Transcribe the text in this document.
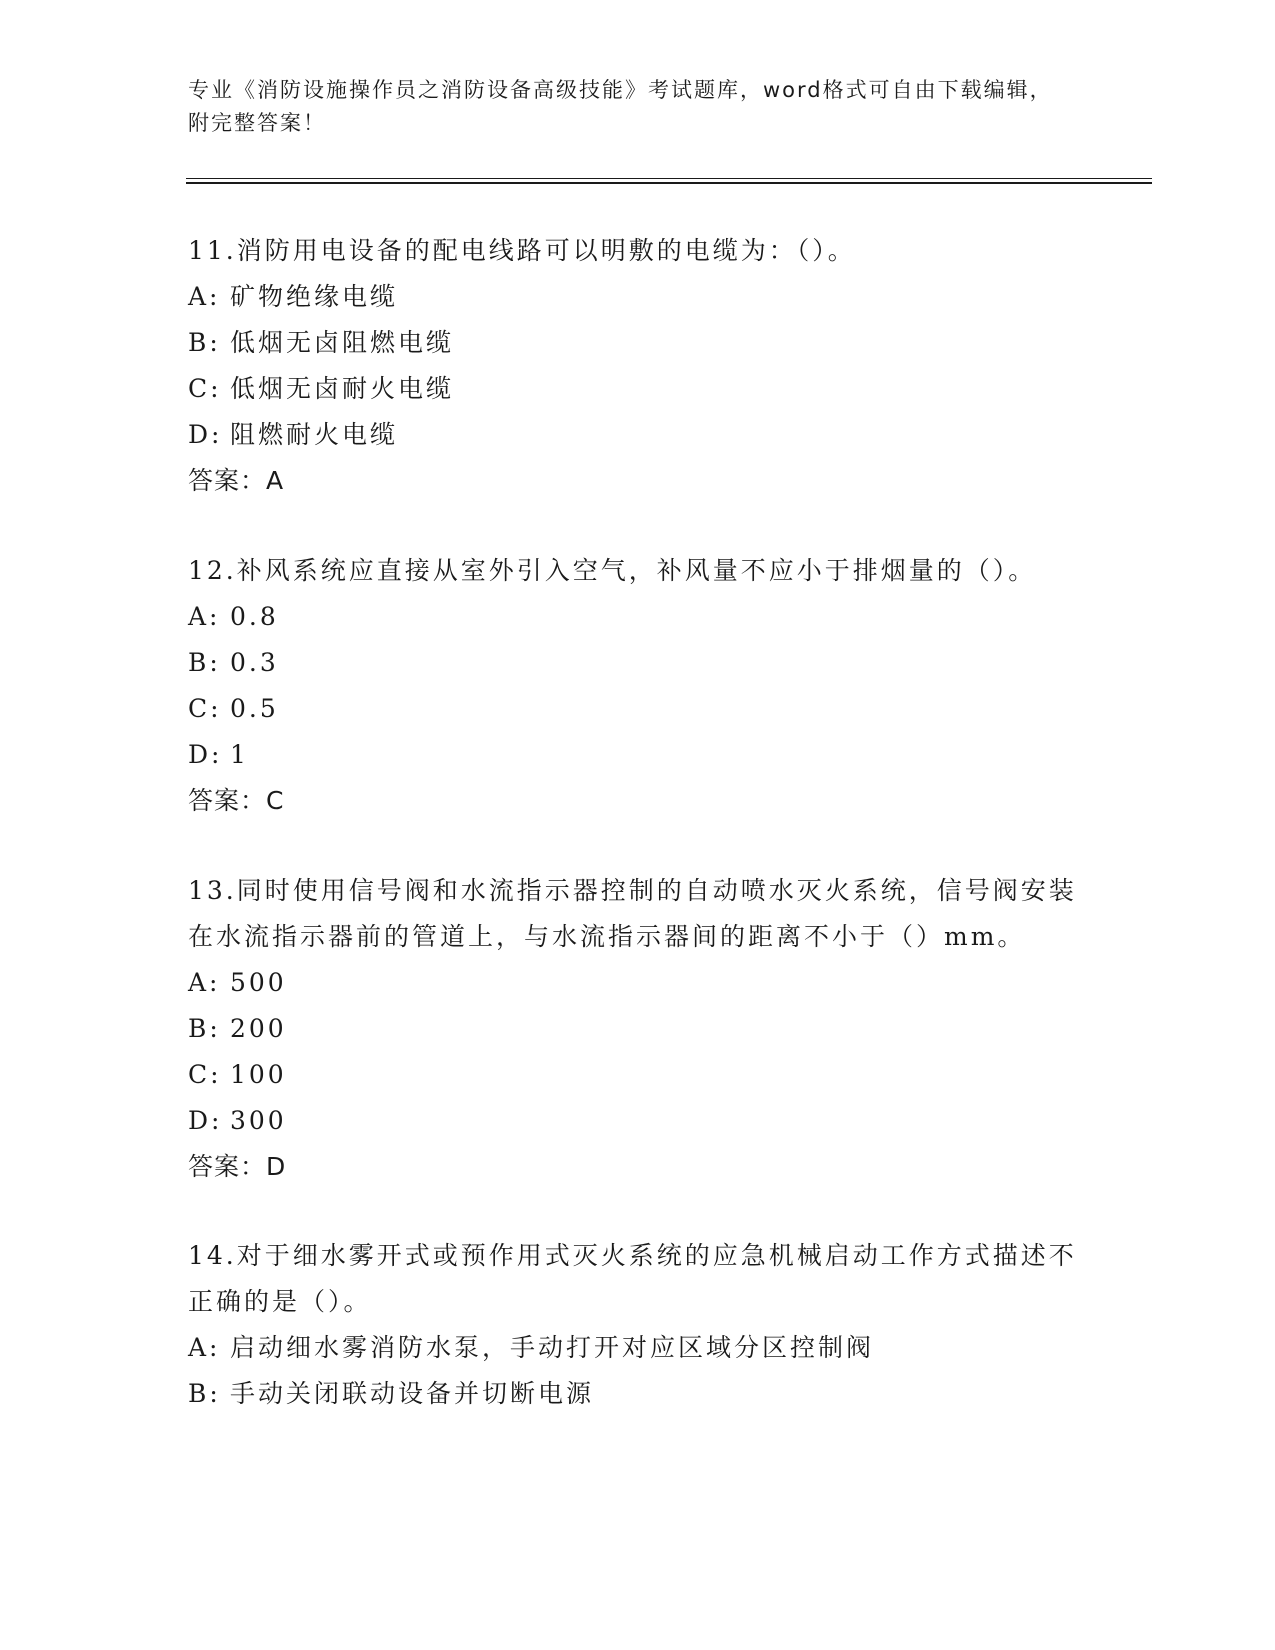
专业《消防设施操作员之消防设备高级技能》考试题库，word格式可自由下载编辑，附完整答案！

11.消防用电设备的配电线路可以明敷的电缆为：（）。

A: 矿物绝缘电缆

B: 低烟无卤阻燃电缆

C: 低烟无卤耐火电缆

D: 阻燃耐火电缆

答案：A

12.补风系统应直接从室外引入空气，补风量不应小于排烟量的（）。

A: 0.8

B: 0.3

C: 0.5

D: 1

答案：C

13.同时使用信号阀和水流指示器控制的自动喷水灭火系统，信号阀安装在水流指示器前的管道上，与水流指示器间的距离不小于（）mm。

A: 500

B: 200

C: 100

D: 300

答案：D

14.对于细水雾开式或预作用式灭火系统的应急机械启动工作方式描述不正确的是（）。

A: 启动细水雾消防水泵，手动打开对应区域分区控制阀

B: 手动关闭联动设备并切断电源
